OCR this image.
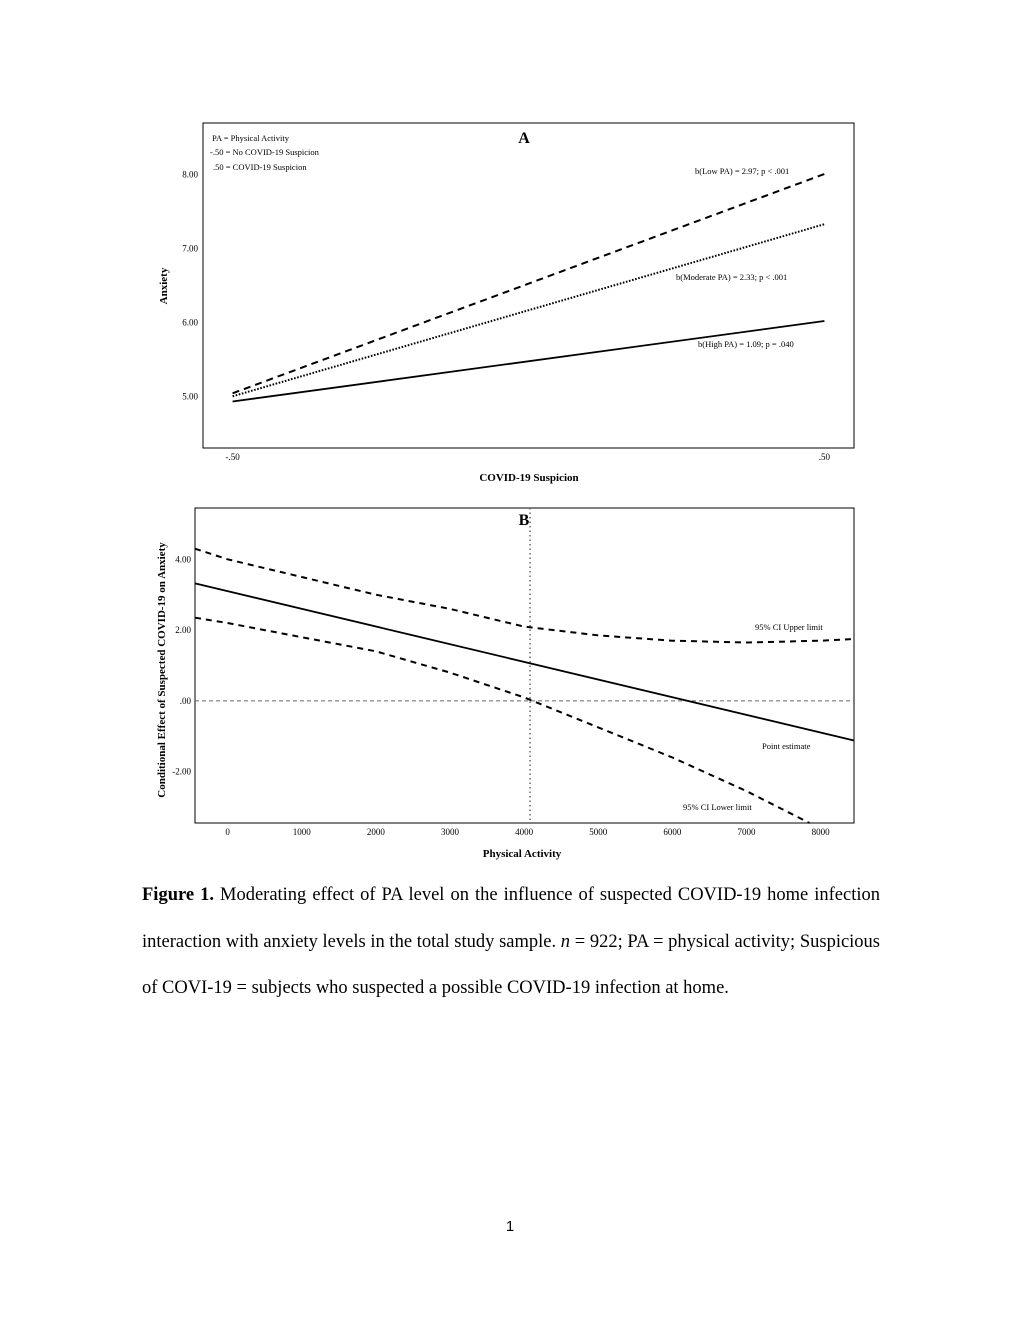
A
PA = Physical Activity
-.50 = No COVID-19 Suspicion
.50 = COVID-19 Suspicion
5.00
6.00
7.00
8.00
-.50	.50
b(Low PA) = 2.97; p < .001
b(Moderate PA) = 2.33; p < .001
b(High PA) = 1.09; p = .040
COVID-19 Suspicion
Anxiety
B
-2.00
.00
2.00
4.00
0	1000	2000	3000	4000	5000	6000	7000	8000
95% CI Upper limit
Point estimate
95% CI Lower limit
Physical Activity
Conditional Effect of Suspected COVID-19 on Anxiety
Figure 1. Moderating effect of PA level on the influence of suspected COVID-19 home infection interaction with anxiety levels in the total study sample. n = 922; PA = physical activity; Suspicious of COVI-19 = subjects who suspected a possible COVID-19 infection at home.
1
